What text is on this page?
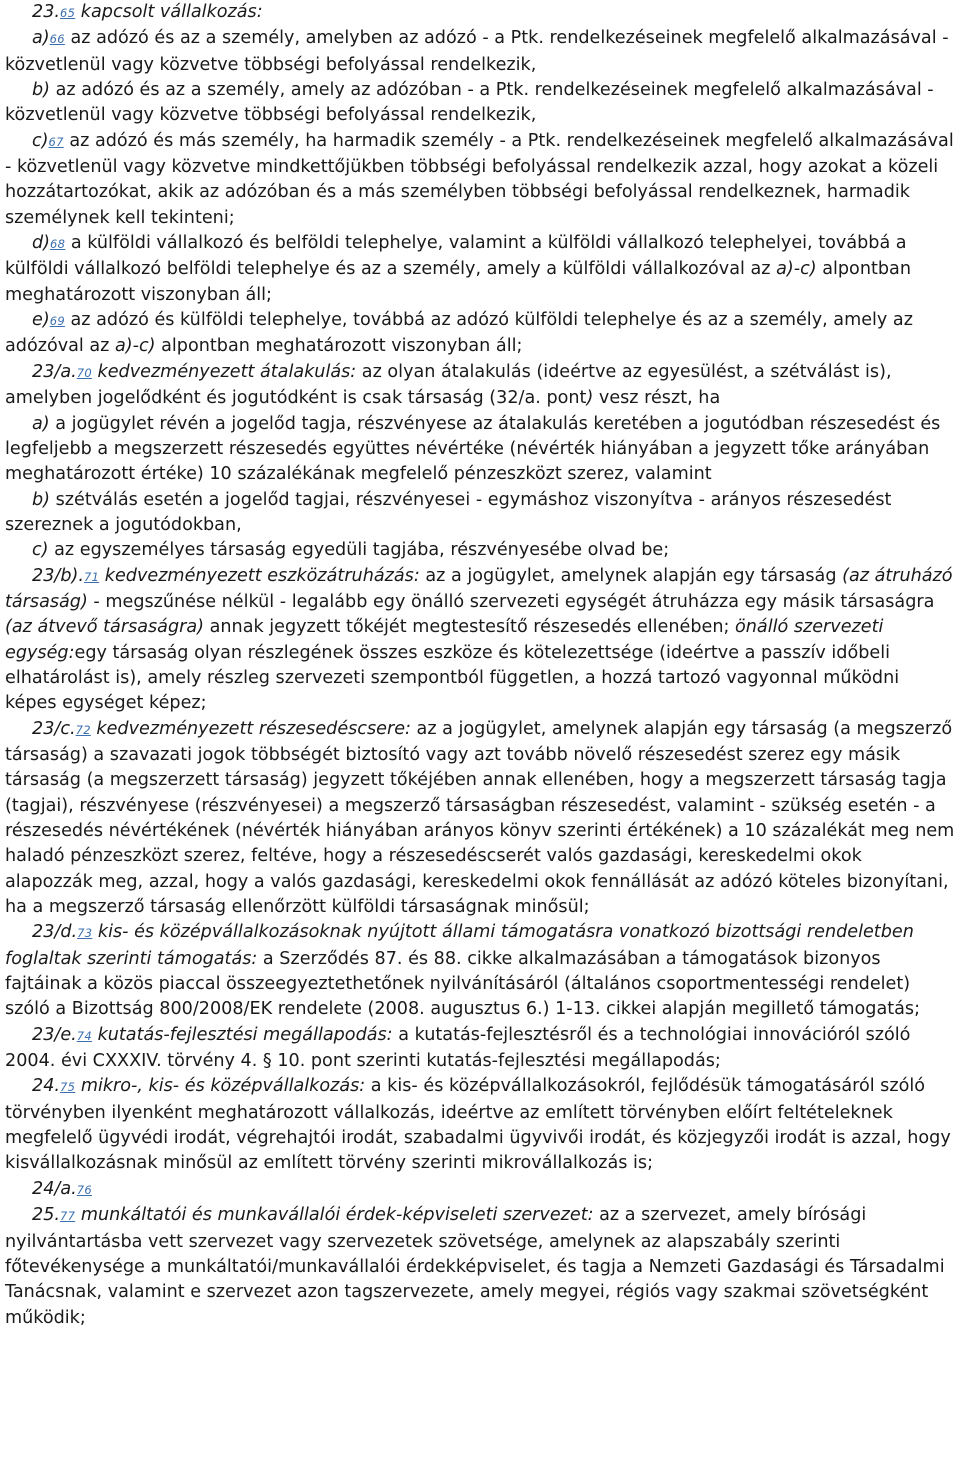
23.65 kapcsolt vállalkozás:

a)66 az adózó és az a személy, amelyben az adózó - a Ptk. rendelkezéseinek megfelelő alkalmazásával - közvetlenül vagy közvetve többségi befolyással rendelkezik,

b) az adózó és az a személy, amely az adózóban - a Ptk. rendelkezéseinek megfelelő alkalmazásával - közvetlenül vagy közvetve többségi befolyással rendelkezik,

c)67 az adózó és más személy, ha harmadik személy - a Ptk. rendelkezéseinek megfelelő alkalmazásával - közvetlenül vagy közvetve mindkettőjükben többségi befolyással rendelkezik azzal, hogy azokat a közeli hozzátartozókat, akik az adózóban és a más személyben többségi befolyással rendelkeznek, harmadik személynek kell tekinteni;

d)68 a külföldi vállalkozó és belföldi telephelye, valamint a külföldi vállalkozó telephelyei, továbbá a külföldi vállalkozó belföldi telephelye és az a személy, amely a külföldi vállalkozóval az a)-c) alpontban meghatározott viszonyban áll;

e)69 az adózó és külföldi telephelye, továbbá az adózó külföldi telephelye és az a személy, amely az adózóval az a)-c) alpontban meghatározott viszonyban áll;

23/a.70 kedvezményezett átalakulás: az olyan átalakulás (ideértve az egyesülést, a szétválást is), amelyben jogelődként és jogutódként is csak társaság (32/a. pont) vesz részt, ha

a) a jogügylet révén a jogelőd tagja, részvényese az átalakulás keretében a jogutódban részesedést és legfeljebb a megszerzett részesedés együttes névértéke (névérték hiányában a jegyzett tőke arányában meghatározott értéke) 10 százalékának megfelelő pénzeszközt szerez, valamint

b) szétválás esetén a jogelőd tagjai, részvényesei - egymáshoz viszonyítva - arányos részesedést szereznek a jogutódokban,

c) az egyszemélyes társaság egyedüli tagjába, részvényesébe olvad be;

23/b).71 kedvezményezett eszközátruházás: az a jogügylet, amelynek alapján egy társaság (az átruházó társaság) - megszűnése nélkül - legalább egy önálló szervezeti egységét átruházza egy másik társaságra (az átvevő társaságra) annak jegyzett tőkéjét megtestesítő részesedés ellenében; önálló szervezeti egység:egy társaság olyan részlegének összes eszköze és kötelezettsége (ideértve a passzív időbeli elhatárolást is), amely részleg szervezeti szempontból független, a hozzá tartozó vagyonnal működni képes egységet képez;

23/c.72 kedvezményezett részesedéscsere: az a jogügylet, amelynek alapján egy társaság (a megszerző társaság) a szavazati jogok többségét biztosító vagy azt tovább növelő részesedést szerez egy másik társaság (a megszerzett társaság) jegyzett tőkéjében annak ellenében, hogy a megszerzett társaság tagja (tagjai), részvényese (részvényesei) a megszerző társaságban részesedést, valamint - szükség esetén - a részesedés névértékének (névérték hiányában arányos könyv szerinti értékének) a 10 százalékát meg nem haladó pénzeszközt szerez, feltéve, hogy a részesedéscserét valós gazdasági, kereskedelmi okok alapozzák meg, azzal, hogy a valós gazdasági, kereskedelmi okok fennállását az adózó köteles bizonyítani, ha a megszerző társaság ellenőrzött külföldi társaságnak minősül;

23/d.73 kis- és középvállalkozásoknak nyújtott állami támogatásra vonatkozó bizottsági rendeletben foglaltak szerinti támogatás: a Szerződés 87. és 88. cikke alkalmazásában a támogatások bizonyos fajtáinak a közös piaccal összeegyeztethetőnek nyilvánításáról (általános csoportmentességi rendelet) szóló a Bizottság 800/2008/EK rendelete (2008. augusztus 6.) 1-13. cikkei alapján megillető támogatás;

23/e.74 kutatás-fejlesztési megállapodás: a kutatás-fejlesztésről és a technológiai innovációról szóló 2004. évi CXXXIV. törvény 4. § 10. pont szerinti kutatás-fejlesztési megállapodás;

24.75 mikro-, kis- és középvállalkozás: a kis- és középvállalkozásokról, fejlődésük támogatásáról szóló törvényben ilyenként meghatározott vállalkozás, ideértve az említett törvényben előírt feltételeknek megfelelő ügyvédi irodát, végrehajtói irodát, szabadalmi ügyvivői irodát, és közjegyzői irodát is azzal, hogy kisvállalkozásnak minősül az említett törvény szerinti mikrovállalkozás is;

24/a.76

25.77 munkáltatói és munkavállalói érdek-képviseleti szervezet: az a szervezet, amely bírósági nyilvántartásba vett szervezet vagy szervezetek szövetsége, amelynek az alapszabály szerinti főtevékenysége a munkáltatói/munkavállalói érdekképviselet, és tagja a Nemzeti Gazdasági és Társadalmi Tanácsnak, valamint e szervezet azon tagszervezete, amely megyei, régiós vagy szakmai szövetségként működik;
